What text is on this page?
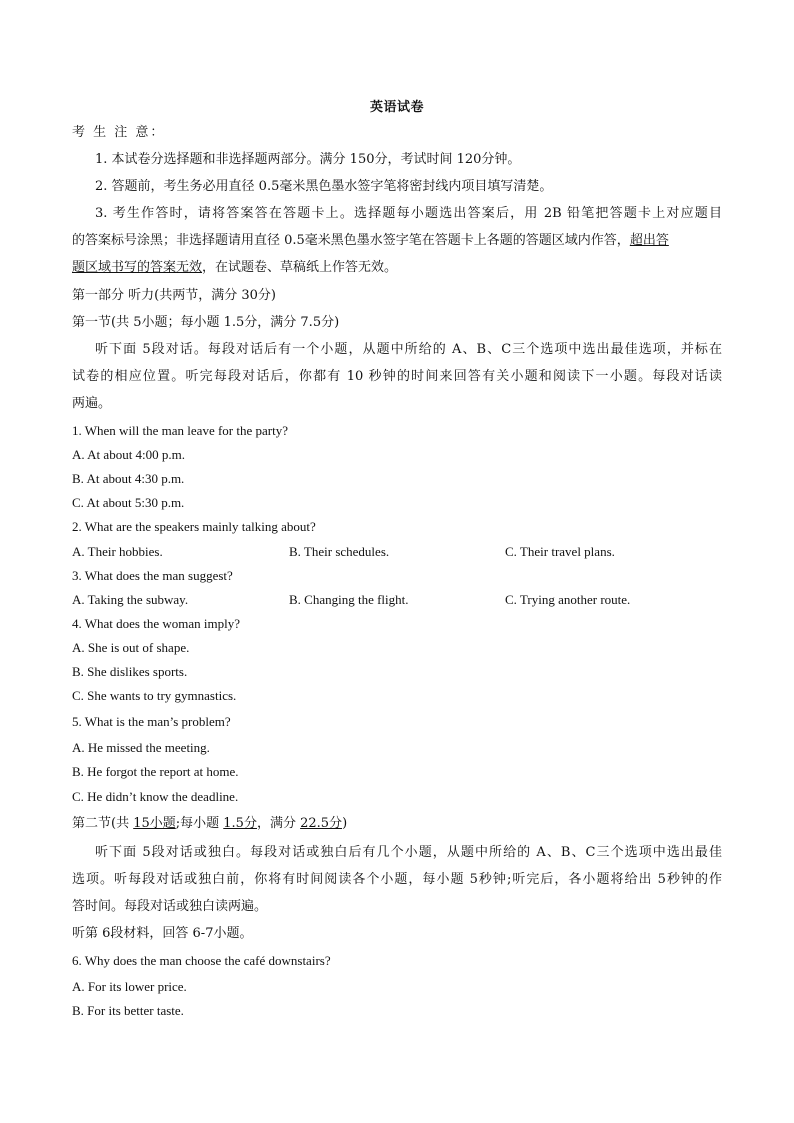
英语试卷
考 生 注 意：
1. 本试卷分选择题和非选择题两部分。满分 150分，考试时间 120分钟。
2. 答题前，考生务必用直径 0.5毫米黑色墨水签字笔将密封线内项目填写清楚。
3. 考生作答时，请将答案答在答题卡上。选择题每小题选出答案后，用 2B 铅笔把答题卡上对应题目
的答案标号涂黑；非选择题请用直径 0.5毫米黑色墨水签字笔在答题卡上各题的答题区域内作答，超出答
题区域书写的答案无效，在试题卷、草稿纸上作答无效。
第一部分 听力(共两节，满分 30分)
第一节(共 5小题；每小题 1.5分，满分 7.5分)
听下面 5段对话。每段对话后有一个小题，从题中所给的 A、B、C三个选项中选出最佳选项，并标在
试卷的相应位置。听完每段对话后，你都有 10 秒钟的时间来回答有关小题和阅读下一小题。每段对话读
两遍。
1. When will the man leave for the party?
A. At about 4:00 p.m.
B. At about 4:30 p.m.
C. At about 5:30 p.m.
2. What are the speakers mainly talking about?
A. Their hobbies.	B. Their schedules.	C. Their travel plans.
3. What does the man suggest?
A. Taking the subway.	B. Changing the flight.	C. Trying another route.
4. What does the woman imply?
A. She is out of shape.
B. She dislikes sports.
C. She wants to try gymnastics.
5. What is the man’s problem?
A. He missed the meeting.
B. He forgot the report at home.
C. He didn’t know the deadline.
第二节(共 15小题;每小题 1.5分，满分 22.5分)
听下面 5段对话或独白。每段对话或独白后有几个小题，从题中所给的 A、B、C三个选项中选出最佳
选项。听每段对话或独白前，你将有时间阅读各个小题，每小题 5秒钟;听完后，各小题将给出 5秒钟的作
答时间。每段对话或独白读两遍。
听第 6段材料，回答 6-7小题。
6. Why does the man choose the café downstairs?
A. For its lower price.
B. For its better taste.
